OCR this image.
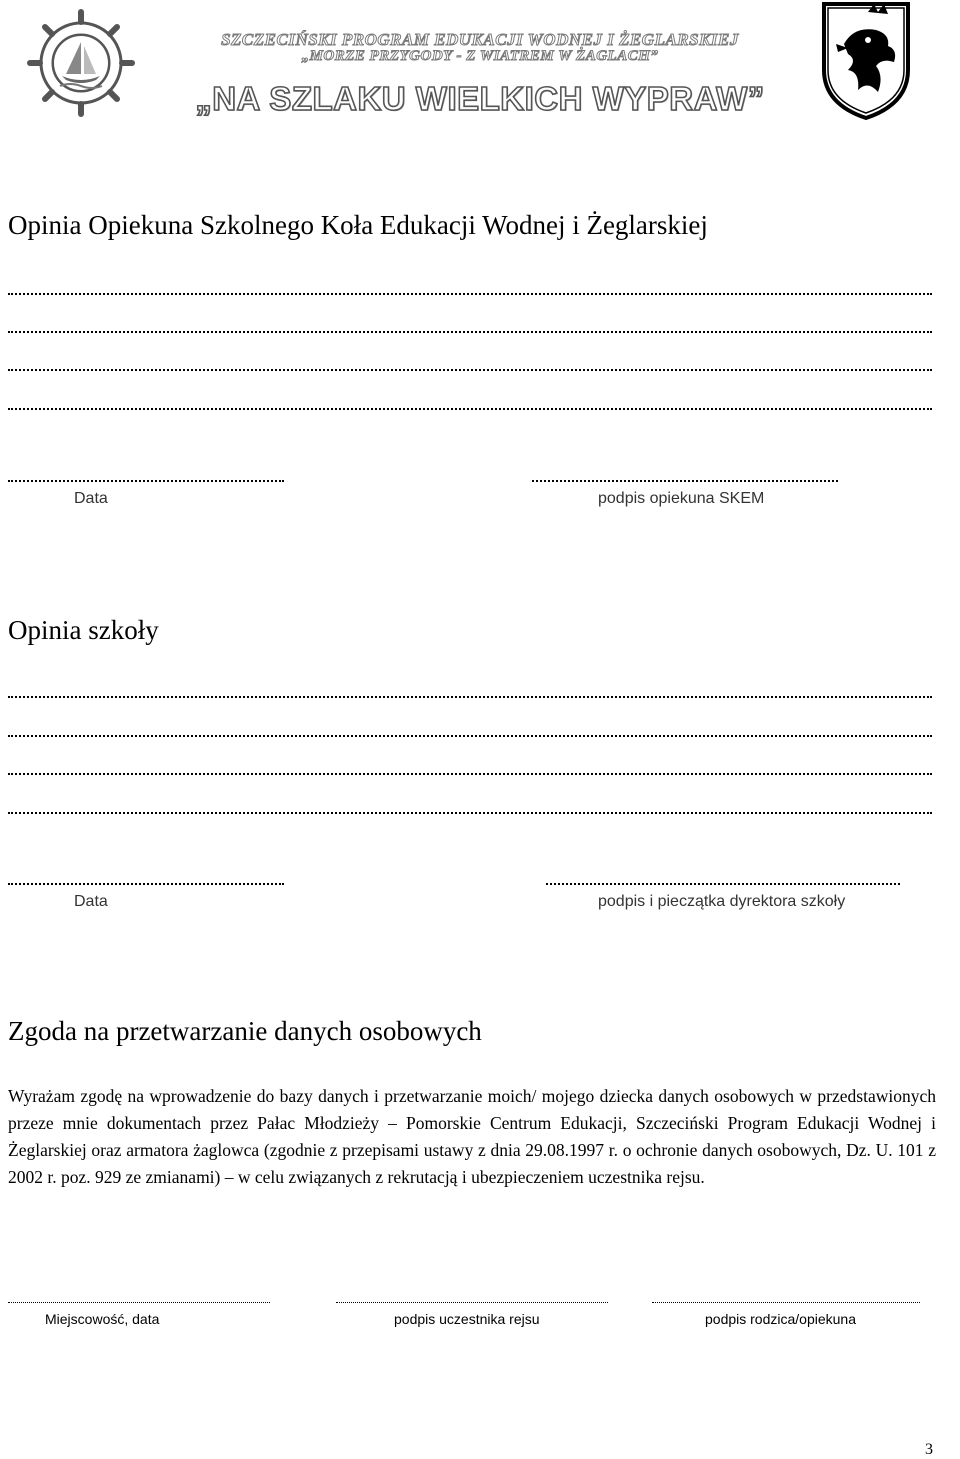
SZCZECIŃSKI PROGRAM EDUKACJI WODNEJ I ŻEGLARSKIEJ
„MORZE PRZYGODY - Z WIATREM W ŻAGLACH”
„NA SZLAKU WIELKICH WYPRAW”
Opinia Opiekuna Szkolnego Koła Edukacji Wodnej i Żeglarskiej
Data	podpis opiekuna SKEM
Opinia szkoły
Data	podpis i pieczątka dyrektora szkoły
Zgoda na przetwarzanie danych osobowych
Wyrażam zgodę na wprowadzenie do bazy danych i przetwarzanie moich/ mojego dziecka danych osobowych w przedstawionych przeze mnie dokumentach przez Pałac Młodzieży – Pomorskie Centrum Edukacji, Szczeciński Program Edukacji Wodnej i Żeglarskiej oraz armatora żaglowca (zgodnie z przepisami ustawy z dnia 29.08.1997 r. o ochronie danych osobowych, Dz. U. 101 z 2002 r. poz. 929 ze zmianami) – w celu związanych z rekrutacją i ubezpieczeniem uczestnika rejsu.
Miejscowość, data	podpis uczestnika rejsu	podpis rodzica/opiekuna
3
